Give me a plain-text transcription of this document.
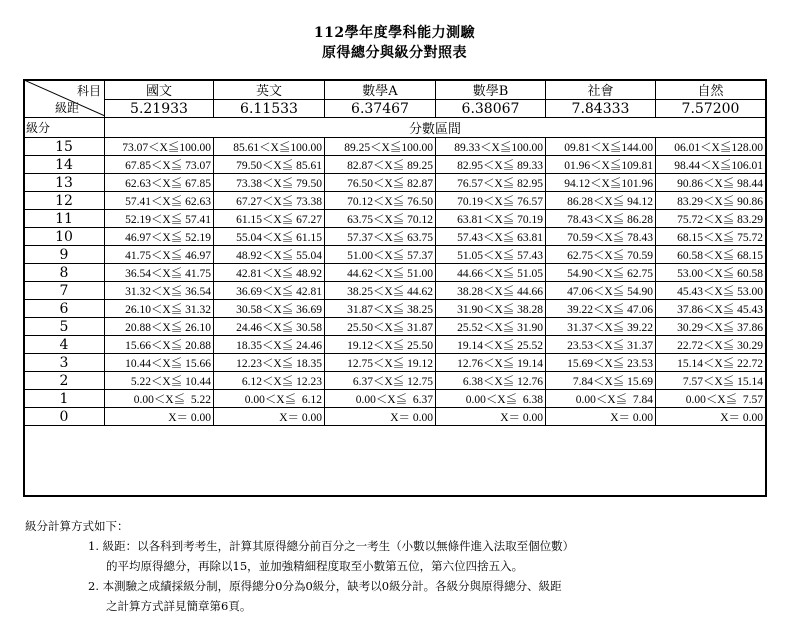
112學年度學科能力測驗
原得總分與級分對照表
科目
級距	國文	英文	數學A	數學B	社會	自然
	5.21933	6.11533	6.37467	6.38067	7.84333	7.57200
級分	分數區間					
15	73.07＜X≦100.00	85.61＜X≦100.00	89.25＜X≦100.00	89.33＜X≦100.00	09.81＜X≦144.00	06.01＜X≦128.00
14	67.85＜X≦ 73.07	79.50＜X≦ 85.61	82.87＜X≦ 89.25	82.95＜X≦ 89.33	01.96＜X≦109.81	98.44＜X≦106.01
13	62.63＜X≦ 67.85	73.38＜X≦ 79.50	76.50＜X≦ 82.87	76.57＜X≦ 82.95	94.12＜X≦101.96	90.86＜X≦ 98.44
12	57.41＜X≦ 62.63	67.27＜X≦ 73.38	70.12＜X≦ 76.50	70.19＜X≦ 76.57	86.28＜X≦ 94.12	83.29＜X≦ 90.86
11	52.19＜X≦ 57.41	61.15＜X≦ 67.27	63.75＜X≦ 70.12	63.81＜X≦ 70.19	78.43＜X≦ 86.28	75.72＜X≦ 83.29
10	46.97＜X≦ 52.19	55.04＜X≦ 61.15	57.37＜X≦ 63.75	57.43＜X≦ 63.81	70.59＜X≦ 78.43	68.15＜X≦ 75.72
9	41.75＜X≦ 46.97	48.92＜X≦ 55.04	51.00＜X≦ 57.37	51.05＜X≦ 57.43	62.75＜X≦ 70.59	60.58＜X≦ 68.15
8	36.54＜X≦ 41.75	42.81＜X≦ 48.92	44.62＜X≦ 51.00	44.66＜X≦ 51.05	54.90＜X≦ 62.75	53.00＜X≦ 60.58
7	31.32＜X≦ 36.54	36.69＜X≦ 42.81	38.25＜X≦ 44.62	38.28＜X≦ 44.66	47.06＜X≦ 54.90	45.43＜X≦ 53.00
6	26.10＜X≦ 31.32	30.58＜X≦ 36.69	31.87＜X≦ 38.25	31.90＜X≦ 38.28	39.22＜X≦ 47.06	37.86＜X≦ 45.43
5	20.88＜X≦ 26.10	24.46＜X≦ 30.58	25.50＜X≦ 31.87	25.52＜X≦ 31.90	31.37＜X≦ 39.22	30.29＜X≦ 37.86
4	15.66＜X≦ 20.88	18.35＜X≦ 24.46	19.12＜X≦ 25.50	19.14＜X≦ 25.52	23.53＜X≦ 31.37	22.72＜X≦ 30.29
3	10.44＜X≦ 15.66	12.23＜X≦ 18.35	12.75＜X≦ 19.12	12.76＜X≦ 19.14	15.69＜X≦ 23.53	15.14＜X≦ 22.72
2	5.22＜X≦ 10.44	6.12＜X≦ 12.23	6.37＜X≦ 12.75	6.38＜X≦ 12.76	7.84＜X≦ 15.69	7.57＜X≦ 15.14
1	0.00＜X≦  5.22	0.00＜X≦  6.12	0.00＜X≦  6.37	0.00＜X≦  6.38	0.00＜X≦  7.84	0.00＜X≦  7.57
0	X＝ 0.00	X＝ 0.00	X＝ 0.00	X＝ 0.00	X＝ 0.00	X＝ 0.00
級分計算方式如下：
1. 級距：以各科到考考生，計算其原得總分前百分之一考生（小數以無條件進入法取至個位數）
的平均原得總分，再除以15，並加強精細程度取至小數第五位，第六位四捨五入。
2. 本測驗之成績採級分制，原得總分0分為0級分，缺考以0級分計。各級分與原得總分、級距
之計算方式詳見簡章第6頁。
